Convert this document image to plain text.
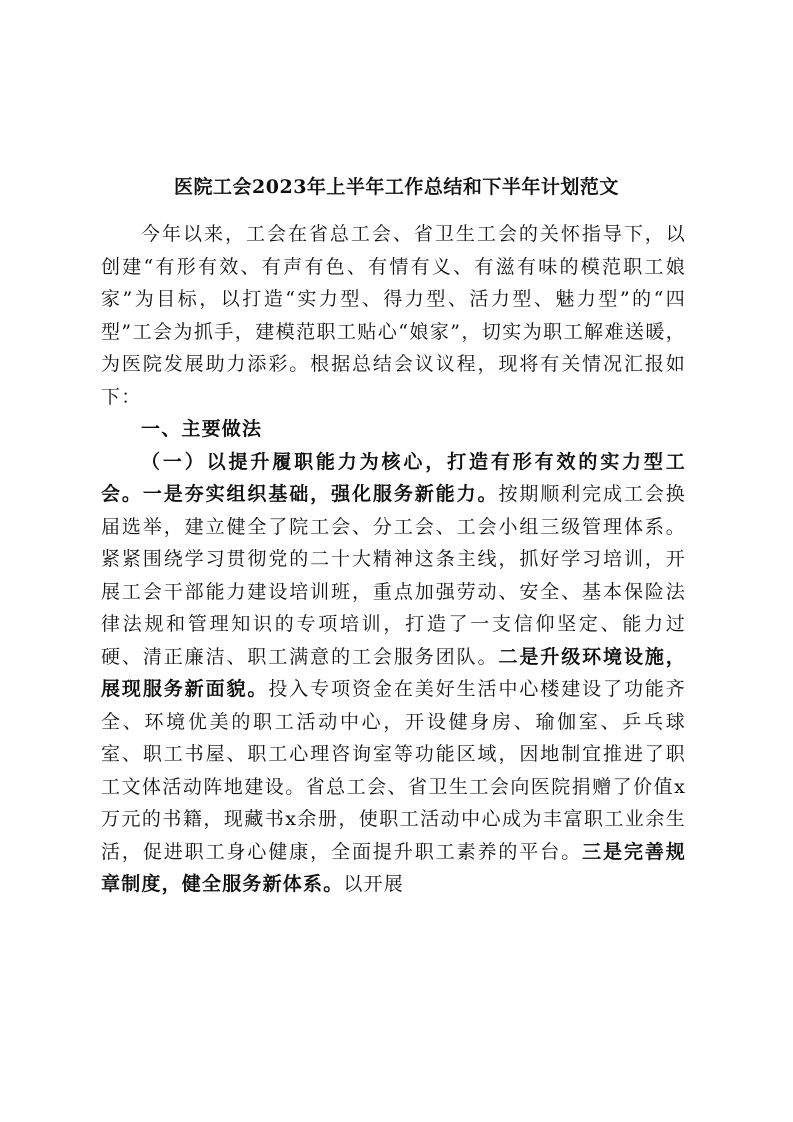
医院工会2023年上半年工作总结和下半年计划范文

今年以来，工会在省总工会、省卫生工会的关怀指导下，以创建“有形有效、有声有色、有情有义、有滋有味的模范职工娘家”为目标，以打造“实力型、得力型、活力型、魅力型”的“四型”工会为抓手，建模范职工贴心“娘家”，切实为职工解难送暖，为医院发展助力添彩。根据总结会议议程，现将有关情况汇报如下：

一、主要做法

（一）以提升履职能力为核心，打造有形有效的实力型工会。一是夯实组织基础，强化服务新能力。按期顺利完成工会换届选举，建立健全了院工会、分工会、工会小组三级管理体系。紧紧围绕学习贯彻党的二十大精神这条主线，抓好学习培训，开展工会干部能力建设培训班，重点加强劳动、安全、基本保险法律法规和管理知识的专项培训，打造了一支信仰坚定、能力过硬、清正廉洁、职工满意的工会服务团队。二是升级环境设施，展现服务新面貌。投入专项资金在美好生活中心楼建设了功能齐全、环境优美的职工活动中心，开设健身房、瑜伽室、乒乓球室、职工书屋、职工心理咨询室等功能区域，因地制宜推进了职工文体活动阵地建设。省总工会、省卫生工会向医院捐赠了价值x万元的书籍，现藏书x余册，使职工活动中心成为丰富职工业余生活，促进职工身心健康，全面提升职工素养的平台。三是完善规章制度，健全服务新体系。以开展
